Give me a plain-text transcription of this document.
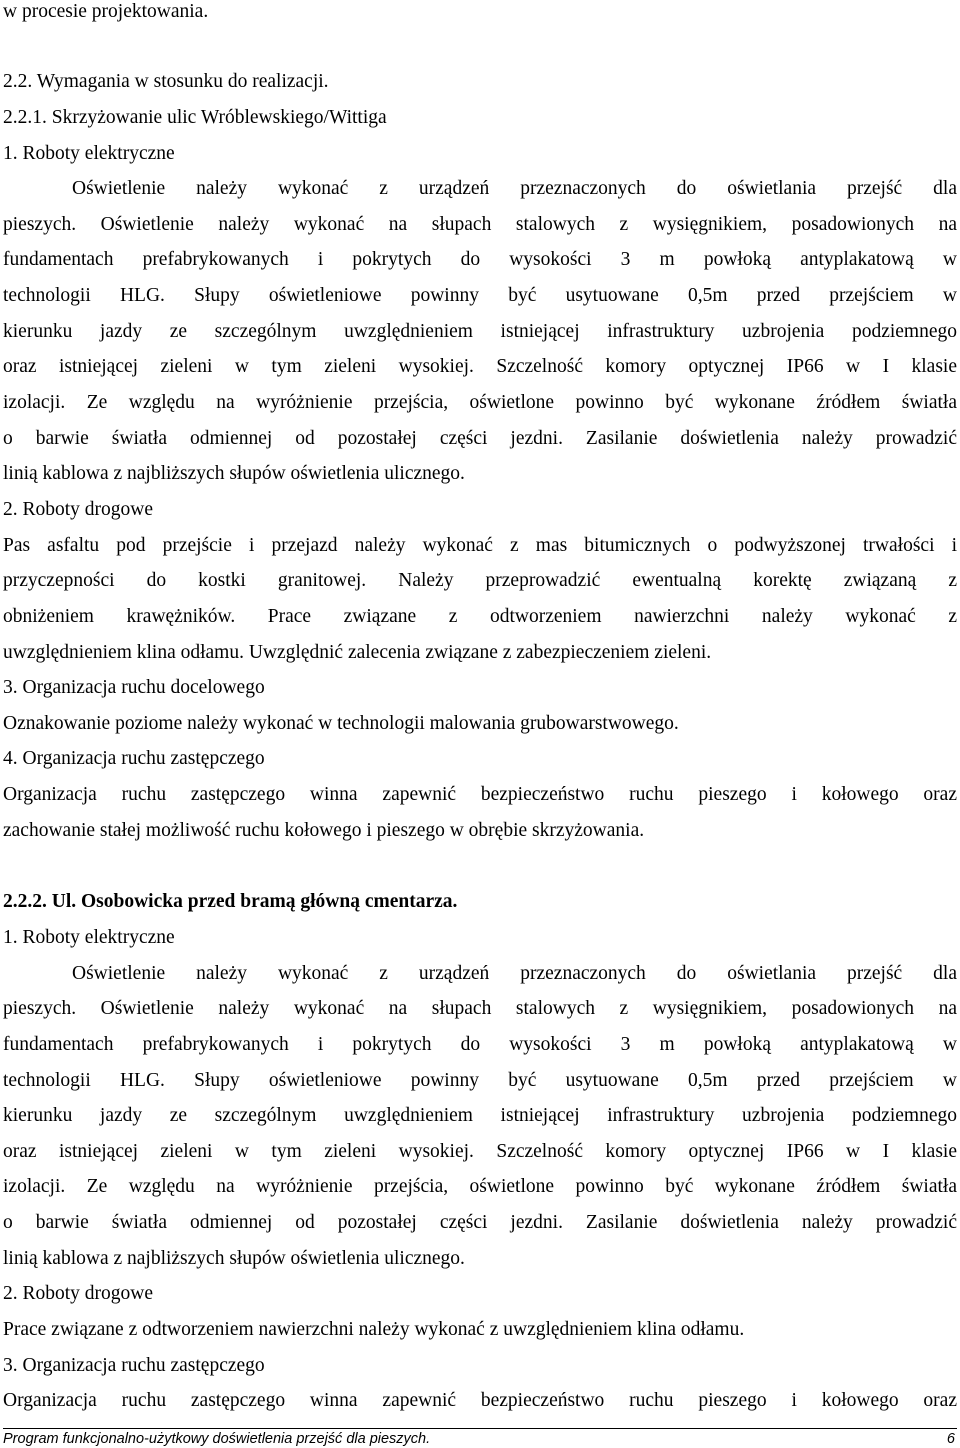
w procesie projektowania.
2.2. Wymagania w stosunku do realizacji.
2.2.1. Skrzyżowanie ulic Wróblewskiego/Wittiga
1. Roboty elektryczne
Oświetlenie należy wykonać z urządzeń przeznaczonych do oświetlania przejść dla
pieszych. Oświetlenie należy wykonać na słupach stalowych z wysięgnikiem, posadowionych na
fundamentach prefabrykowanych i pokrytych do wysokości 3 m powłoką antyplakatową w
technologii HLG. Słupy oświetleniowe powinny być usytuowane 0,5m przed przejściem w
kierunku jazdy ze szczególnym uwzględnieniem istniejącej infrastruktury uzbrojenia podziemnego
oraz istniejącej zieleni w tym zieleni wysokiej. Szczelność komory optycznej IP66 w I klasie
izolacji. Ze względu na wyróżnienie przejścia, oświetlone powinno być wykonane źródłem światła
o barwie światła odmiennej od pozostałej części jezdni. Zasilanie doświetlenia należy prowadzić
linią kablowa z najbliższych słupów oświetlenia ulicznego.
2. Roboty drogowe
Pas asfaltu pod przejście i przejazd należy wykonać z mas bitumicznych o podwyższonej trwałości i
przyczepności do kostki granitowej. Należy przeprowadzić ewentualną korektę związaną z
obniżeniem krawężników. Prace związane z odtworzeniem nawierzchni należy wykonać z
uwzględnieniem klina odłamu. Uwzględnić zalecenia związane z zabezpieczeniem zieleni.
3. Organizacja ruchu docelowego
Oznakowanie poziome należy wykonać w technologii malowania grubowarstwowego.
4. Organizacja ruchu zastępczego
Organizacja ruchu zastępczego winna zapewnić bezpieczeństwo ruchu pieszego i kołowego oraz
zachowanie stałej możliwość ruchu kołowego i pieszego w obrębie skrzyżowania.
2.2.2. Ul. Osobowicka przed bramą główną cmentarza.
1. Roboty elektryczne
Oświetlenie należy wykonać z urządzeń przeznaczonych do oświetlania przejść dla
pieszych. Oświetlenie należy wykonać na słupach stalowych z wysięgnikiem, posadowionych na
fundamentach prefabrykowanych i pokrytych do wysokości 3 m powłoką antyplakatową w
technologii HLG. Słupy oświetleniowe powinny być usytuowane 0,5m przed przejściem w
kierunku jazdy ze szczególnym uwzględnieniem istniejącej infrastruktury uzbrojenia podziemnego
oraz istniejącej zieleni w tym zieleni wysokiej. Szczelność komory optycznej IP66 w I klasie
izolacji. Ze względu na wyróżnienie przejścia, oświetlone powinno być wykonane źródłem światła
o barwie światła odmiennej od pozostałej części jezdni. Zasilanie doświetlenia należy prowadzić
linią kablowa z najbliższych słupów oświetlenia ulicznego.
2. Roboty drogowe
Prace związane z odtworzeniem nawierzchni należy wykonać z uwzględnieniem klina odłamu.
3. Organizacja ruchu zastępczego
Organizacja ruchu zastępczego winna zapewnić bezpieczeństwo ruchu pieszego i kołowego oraz
Program funkcjonalno-użytkowy doświetlenia przejść dla pieszych.	6
